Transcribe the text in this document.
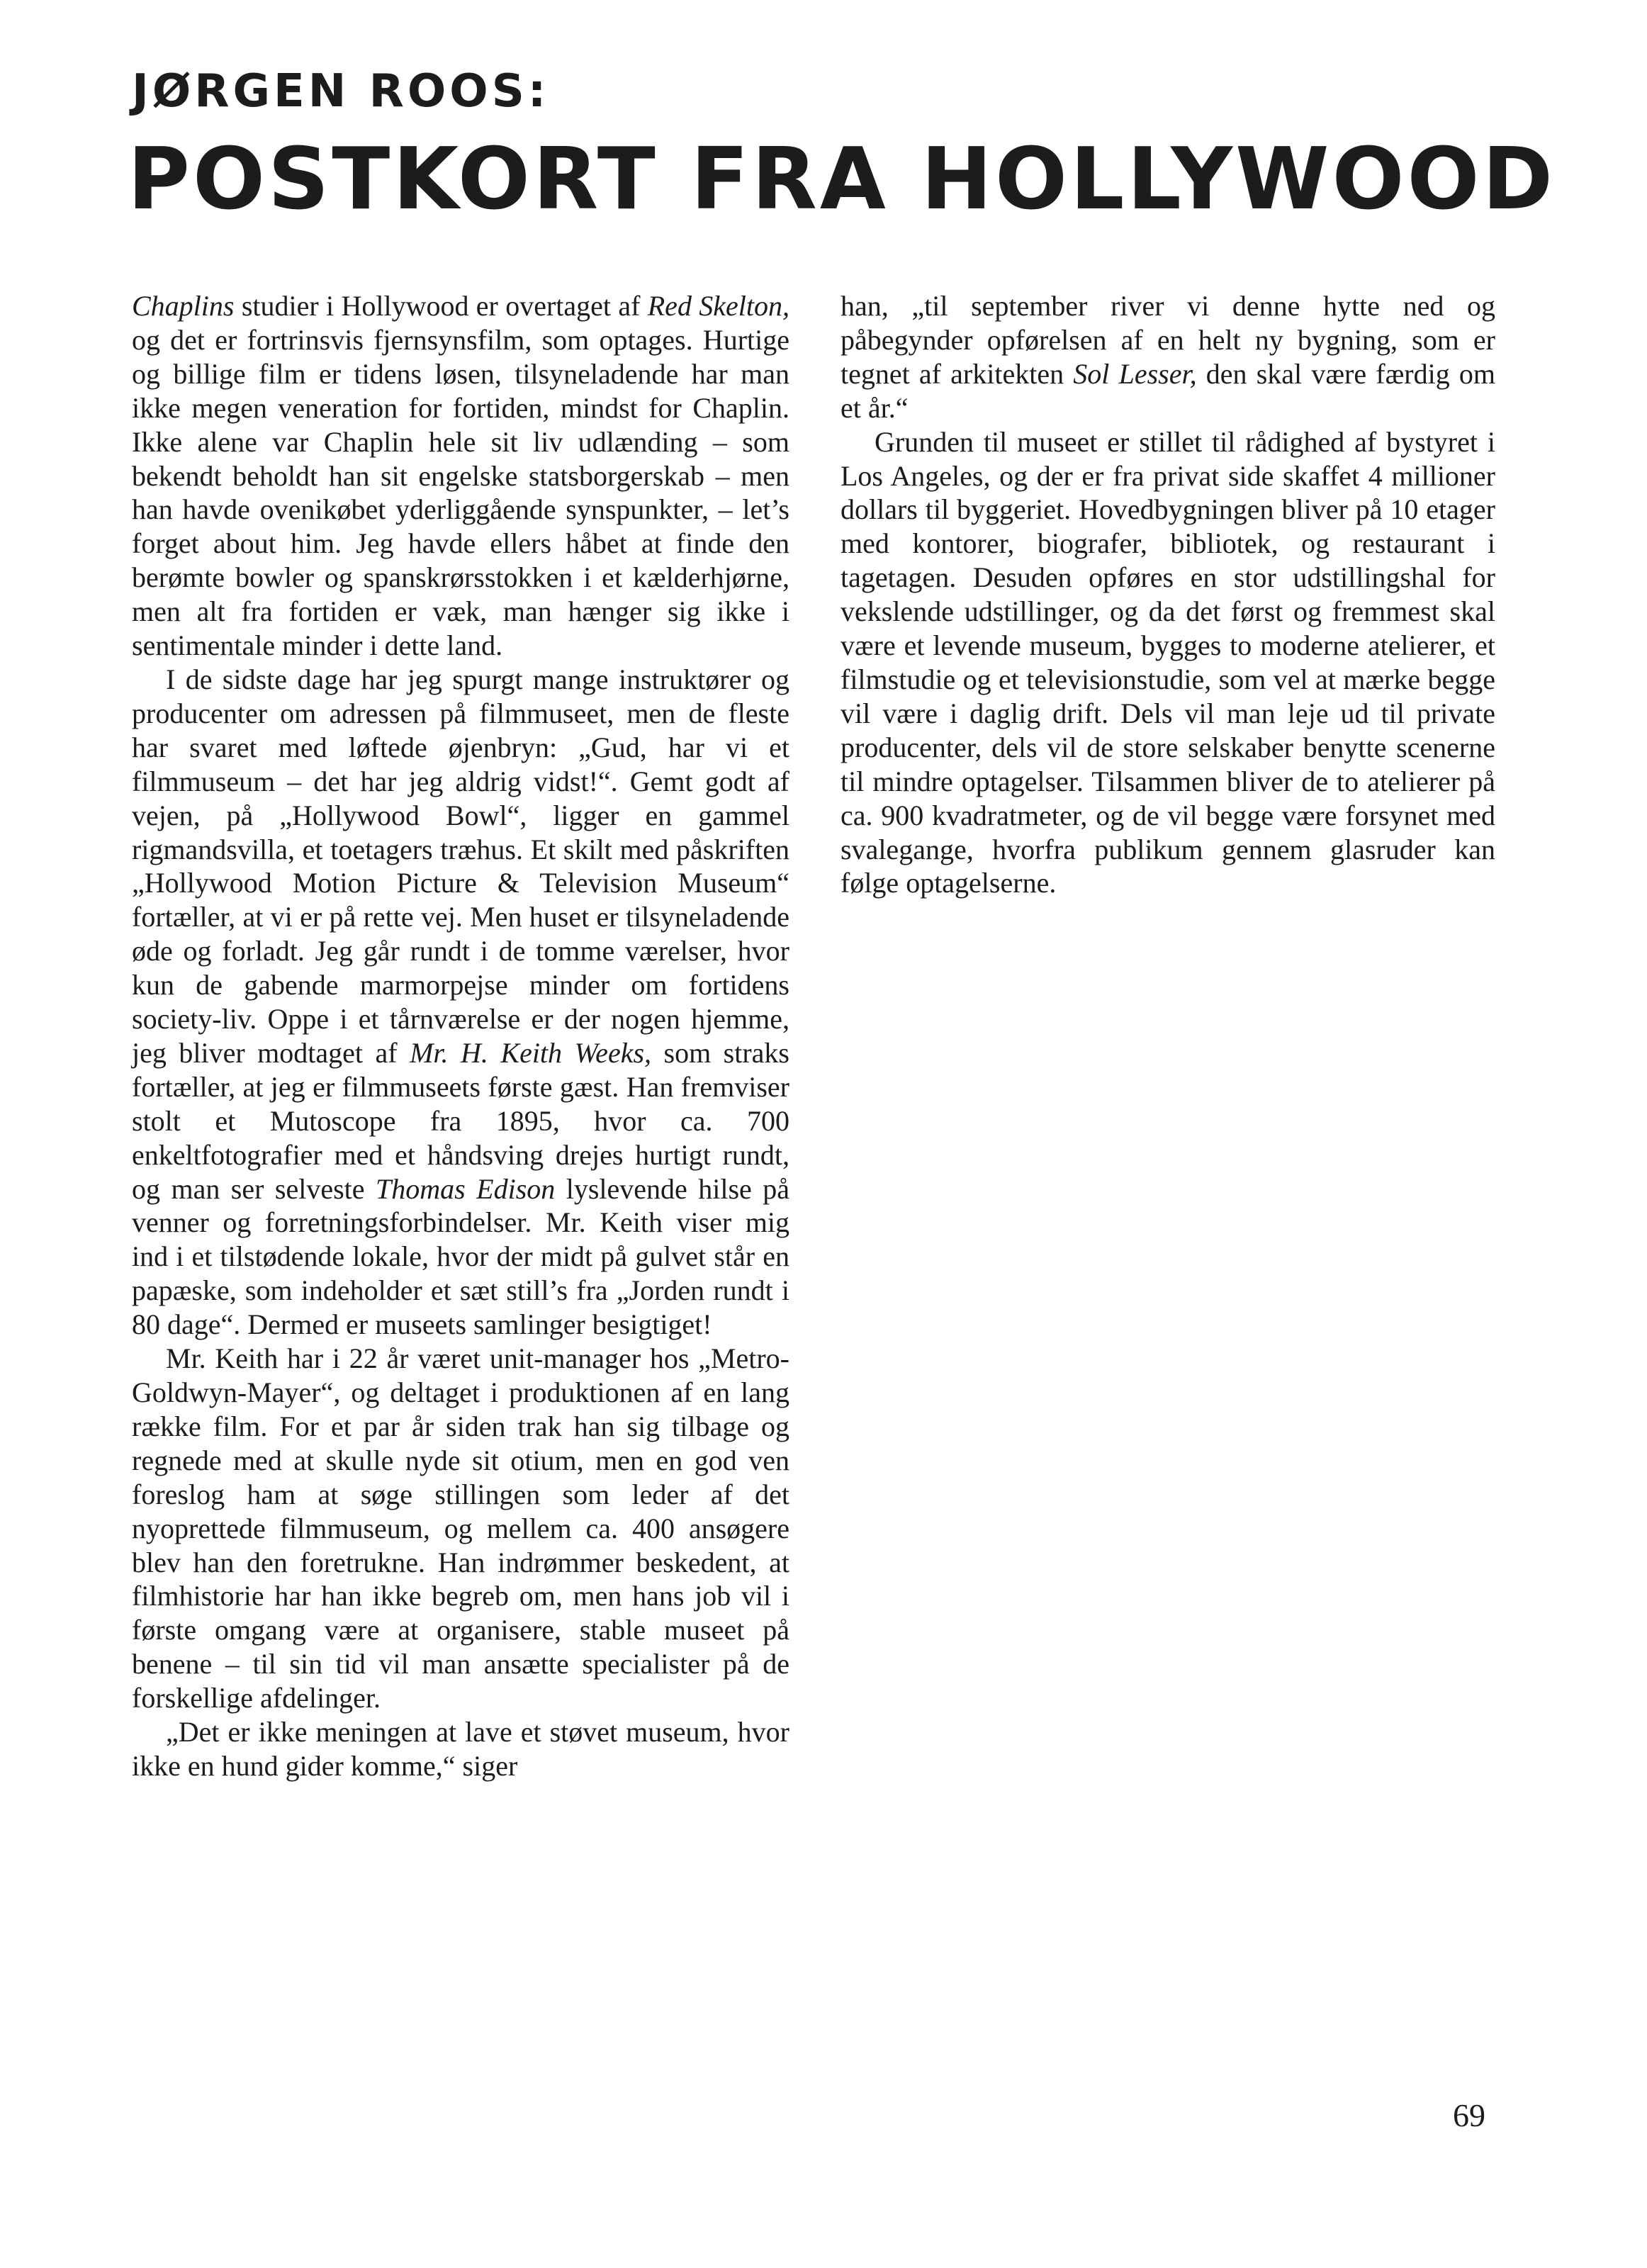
JØRGEN ROOS:
POSTKORT FRA HOLLYWOOD

Chaplins studier i Hollywood er overtaget af Red Skelton, og det er fortrinsvis fjernsynsfilm, som optages. Hurtige og billige film er tidens løsen, tilsyneladende har man ikke megen veneration for fortiden, mindst for Chaplin. Ikke alene var Chaplin hele sit liv udlænding – som bekendt beholdt han sit engelske statsborgerskab – men han havde ovenikøbet yderliggående synspunkter, – let’s forget about him. Jeg havde ellers håbet at finde den berømte bowler og spanskrørsstokken i et kælderhjørne, men alt fra fortiden er væk, man hænger sig ikke i sentimentale minder i dette land.

I de sidste dage har jeg spurgt mange instruktører og producenter om adressen på filmmuseet, men de fleste har svaret med løftede øjenbryn: „Gud, har vi et filmmuseum – det har jeg aldrig vidst!“. Gemt godt af vejen, på „Hollywood Bowl“, ligger en gammel rigmandsvilla, et toetagers træhus. Et skilt med påskriften „Hollywood Motion Picture & Television Museum“ fortæller, at vi er på rette vej. Men huset er tilsyneladende øde og forladt. Jeg går rundt i de tomme værelser, hvor kun de gabende marmorpejse minder om fortidens society-liv. Oppe i et tårnværelse er der nogen hjemme, jeg bliver modtaget af Mr. H. Keith Weeks, som straks fortæller, at jeg er filmmuseets første gæst. Han fremviser stolt et Mutoscope fra 1895, hvor ca. 700 enkeltfotografier med et håndsving drejes hurtigt rundt, og man ser selveste Thomas Edison lyslevende hilse på venner og forretningsforbindelser. Mr. Keith viser mig ind i et tilstødende lokale, hvor der midt på gulvet står en papæske, som indeholder et sæt still’s fra „Jorden rundt i 80 dage“. Dermed er museets samlinger besigtiget!

Mr. Keith har i 22 år været unit-manager hos „Metro-Goldwyn-Mayer“, og deltaget i produktionen af en lang række film. For et par år siden trak han sig tilbage og regnede med at skulle nyde sit otium, men en god ven foreslog ham at søge stillingen som leder af det nyoprettede filmmuseum, og mellem ca. 400 ansøgere blev han den foretrukne. Han indrømmer beskedent, at filmhistorie har han ikke begreb om, men hans job vil i første omgang være at organisere, stable museet på benene – til sin tid vil man ansætte specialister på de forskellige afdelinger.

„Det er ikke meningen at lave et støvet museum, hvor ikke en hund gider komme,“ siger

han, „til september river vi denne hytte ned og påbegynder opførelsen af en helt ny bygning, som er tegnet af arkitekten Sol Lesser, den skal være færdig om et år.“

Grunden til museet er stillet til rådighed af bystyret i Los Angeles, og der er fra privat side skaffet 4 millioner dollars til byggeriet. Hovedbygningen bliver på 10 etager med kontorer, biografer, bibliotek, og restaurant i tagetagen. Desuden opføres en stor udstillingshal for vekslende udstillinger, og da det først og fremmest skal være et levende museum, bygges to moderne atelierer, et filmstudie og et televisionstudie, som vel at mærke begge vil være i daglig drift. Dels vil man leje ud til private producenter, dels vil de store selskaber benytte scenerne til mindre optagelser. Tilsammen bliver de to atelierer på ca. 900 kvadratmeter, og de vil begge være forsynet med svalegange, hvorfra publikum gennem glasruder kan følge optagelserne.

69
